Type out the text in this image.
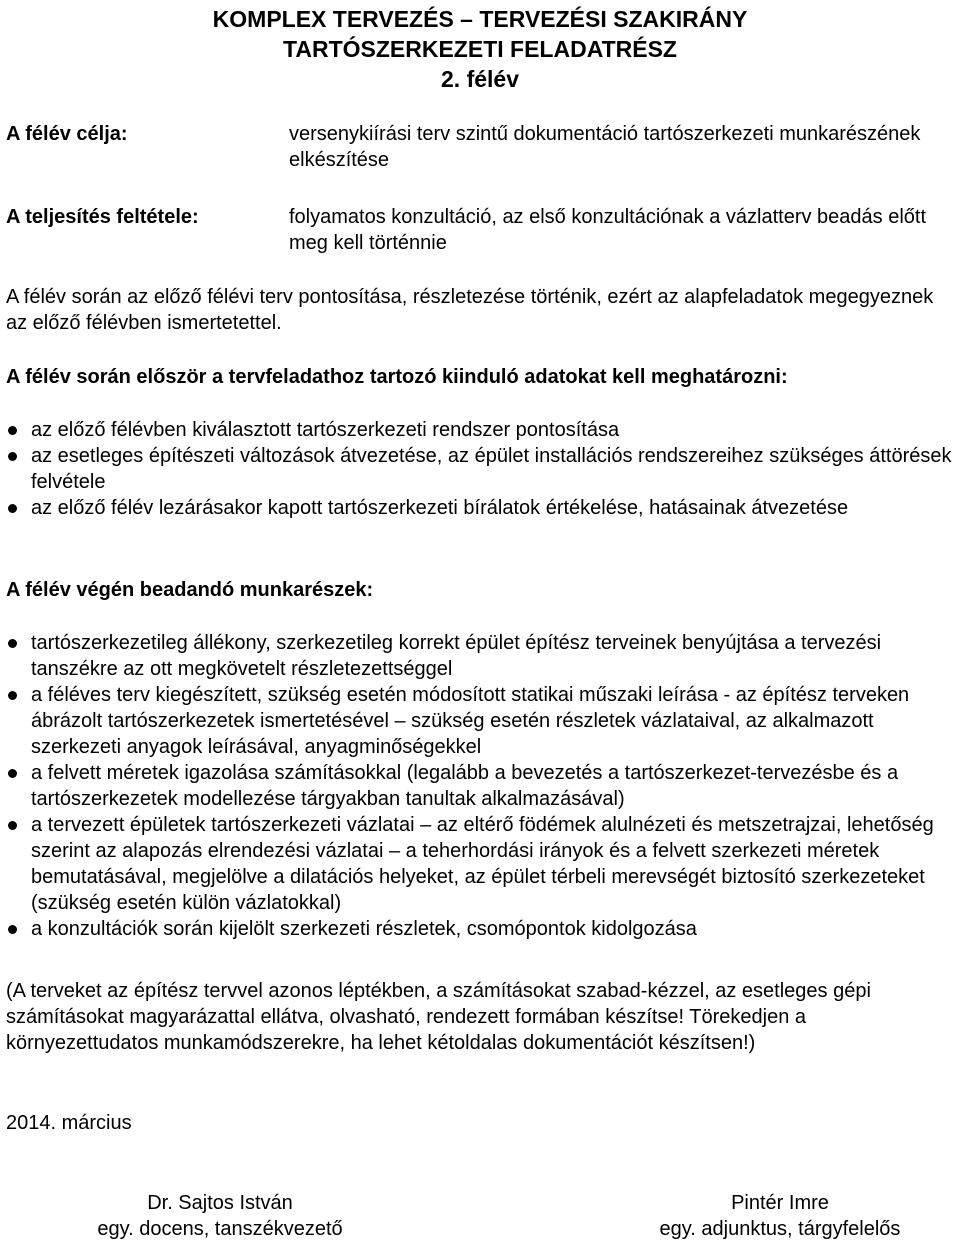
KOMPLEX TERVEZÉS – TERVEZÉSI SZAKIRÁNY
TARTÓSZERKEZETI FELADATRÉSZ
2. félév
A félév célja:	versenykiírási terv szintű dokumentáció tartószerkezeti munkarészének elkészítése
A teljesítés feltétele:	folyamatos konzultáció, az első konzultációnak a vázlatterv beadás előtt meg kell történnie
A félév során az előző félévi terv pontosítása, részletezése történik, ezért az alapfeladatok megegyeznek az előző félévben ismertetettel.
A félév során először a tervfeladathoz tartozó kiinduló adatokat kell meghatározni:
az előző félévben kiválasztott tartószerkezeti rendszer pontosítása
az esetleges építészeti változások átvezetése, az épület installációs rendszereihez szükséges áttörések felvétele
az előző félév lezárásakor kapott tartószerkezeti bírálatok értékelése, hatásainak átvezetése
A félév végén beadandó munkarészek:
tartószerkezetileg állékony, szerkezetileg korrekt épület építész terveinek benyújtása a tervezési tanszékre az ott megkövetelt részletezettséggel
a féléves terv kiegészített, szükség esetén módosított statikai műszaki leírása - az építész terveken ábrázolt tartószerkezetek ismertetésével – szükség esetén részletek vázlataival, az alkalmazott szerkezeti anyagok leírásával, anyagminőségekkel
a felvett méretek igazolása számításokkal (legalább a bevezetés a tartószerkezet-tervezésbe és a tartószerkezetek modellezése tárgyakban tanultak alkalmazásával)
a tervezett épületek tartószerkezeti vázlatai – az eltérő födémek alulnézeti és metszetrajzai, lehetőség szerint az alapozás elrendezési vázlatai – a teherhordási irányok és a felvett szerkezeti méretek bemutatásával, megjelölve a dilatációs helyeket, az épület térbeli merevségét biztosító szerkezeteket (szükség esetén külön vázlatokkal)
a konzultációk során kijelölt szerkezeti részletek, csomópontok kidolgozása
(A terveket az építész tervvel azonos léptékben, a számításokat szabad-kézzel, az esetleges gépi számításokat magyarázattal ellátva, olvasható, rendezett formában készítse! Törekedjen a környezettudatos munkamódszerekre, ha lehet kétoldalas dokumentációt készítsen!)
2014. március
Dr. Sajtos István
egy. docens, tanszékvezető
Pintér Imre
egy. adjunktus, tárgyfelelős
